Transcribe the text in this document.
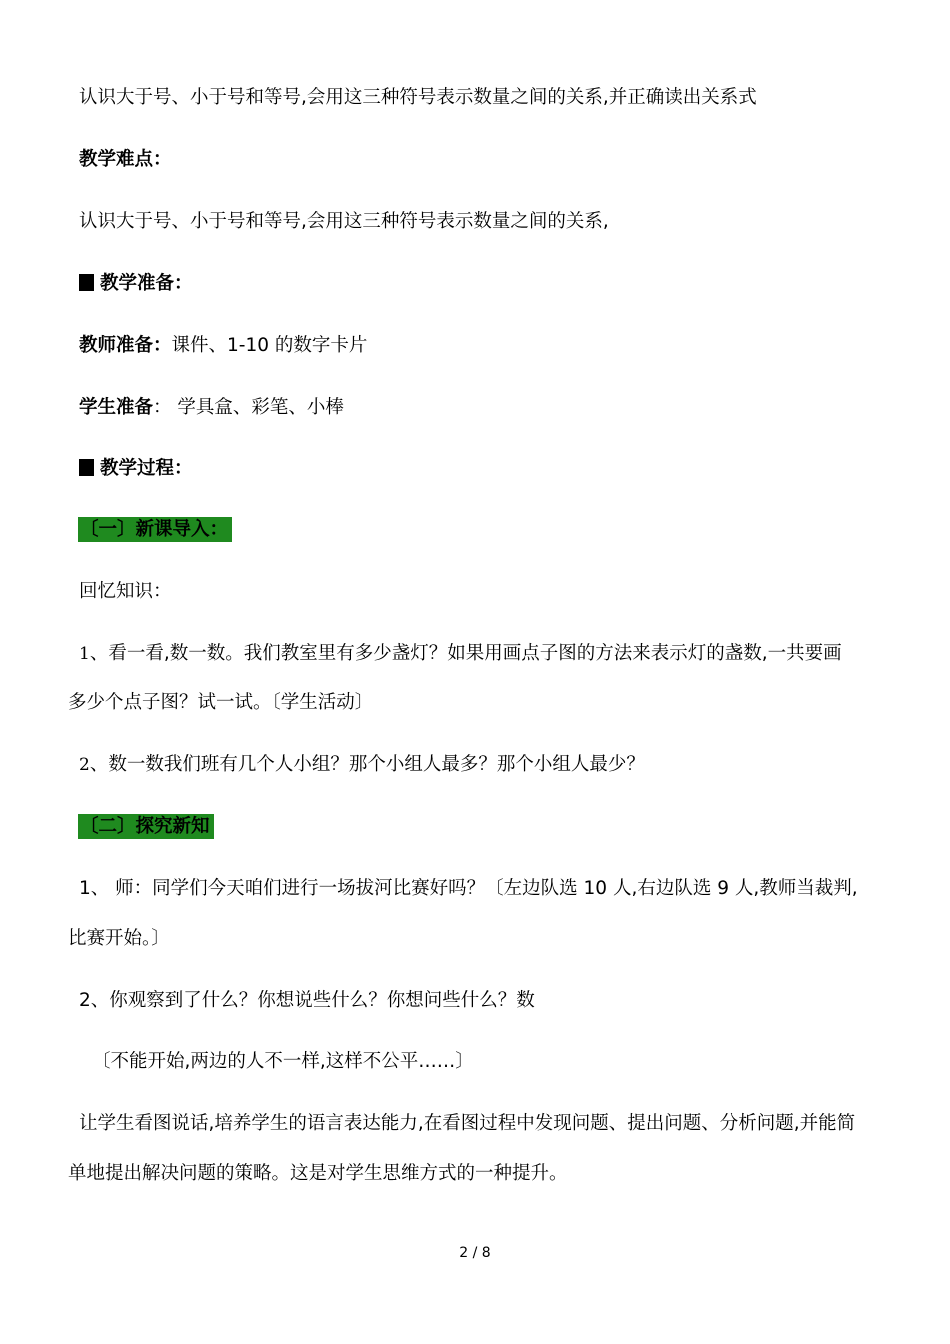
认识大于号、小于号和等号,会用这三种符号表示数量之间的关系,并正确读出关系式
教学难点：
认识大于号、小于号和等号,会用这三种符号表示数量之间的关系,
教学准备：
教师准备：课件、1-10 的数字卡片
学生准备： 学具盒、彩笔、小棒
教学过程：
〔一〕新课导入：
回忆知识：
1、看一看,数一数。我们教室里有多少盏灯？如果用画点子图的方法来表示灯的盏数,一共要画
多少个点子图？试一试。〔学生活动〕
2、数一数我们班有几个人小组？那个小组人最多？那个小组人最少？
〔二〕探究新知
1、 师：同学们今天咱们进行一场拔河比赛好吗？〔左边队选 10 人,右边队选 9 人,教师当裁判,
比赛开始。〕
2、你观察到了什么？你想说些什么？你想问些什么？数
〔不能开始,两边的人不一样,这样不公平……〕
让学生看图说话,培养学生的语言表达能力,在看图过程中发现问题、提出问题、分析问题,并能简
单地提出解决问题的策略。这是对学生思维方式的一种提升。
2 / 8
